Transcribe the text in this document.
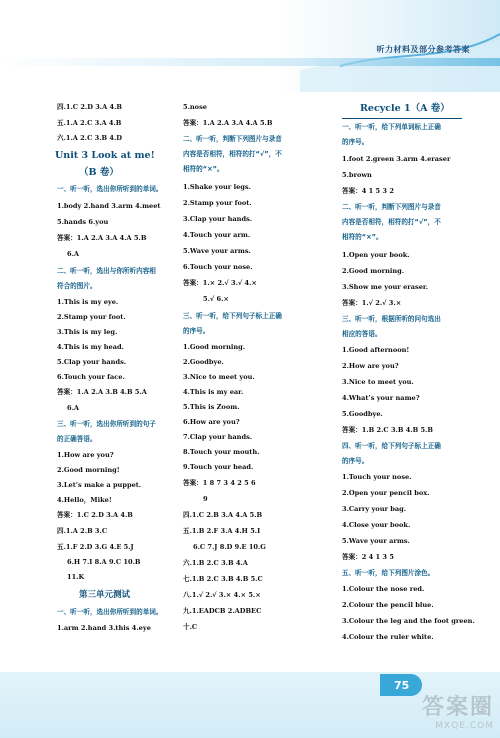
听力材料及部分参考答案
四.1.C 2.D 3.A 4.B
五.1.A 2.C 3.A 4.B
六.1.A 2.C 3.B 4.D
Unit 3 Look at me!
（B 卷）
一、听一听，选出你所听到的单词。
1.body 2.hand 3.arm 4.meet
5.hands 6.you
答案：1.A 2.A 3.A 4.A 5.B
6.A
二、听一听，选出与你所听内容相
符合的图片。
1.This is my eye.
2.Stamp your foot.
3.This is my leg.
4.This is my head.
5.Clap your hands.
6.Touch your face.
答案：1.A 2.A 3.B 4.B 5.A
6.A
三、听一听，选出你所听到的句子
的正确答语。
1.How are you?
2.Good morning!
3.Let’s make a puppet.
4.Hello，Mike!
答案：1.C 2.D 3.A 4.B
四.1.A 2.B 3.C
五.1.F 2.D 3.G 4.E 5.J
6.H 7.I 8.A 9.C 10.B
11.K
第三单元测试
一、听一听，选出你所听到的单词。
1.arm 2.hand 3.this 4.eye
5.nose
答案：1.A 2.A 3.A 4.A 5.B
二、听一听，判断下列图片与录音
内容是否相符，相符的打“√”，不
相符的“×”。
1.Shake your legs.
2.Stamp your foot.
3.Clap your hands.
4.Touch your arm.
5.Wave your arms.
6.Touch your nose.
答案：1.× 2.√ 3.√ 4.×
5.√ 6.×
三、听一听，给下列句子标上正确
的序号。
1.Good morning.
2.Goodbye.
3.Nice to meet you.
4.This is my ear.
5.This is Zoom.
6.How are you?
7.Clap your hands.
8.Touch your mouth.
9.Touch your head.
答案：1 8 7 3 4 2 5 6
9
四.1.C 2.B 3.A 4.A 5.B
五.1.B 2.F 3.A 4.H 5.I
6.C 7.J 8.D 9.E 10.G
六.1.B 2.C 3.B 4.A
七.1.B 2.C 3.B 4.B 5.C
八.1.√ 2.√ 3.× 4.× 5.×
九.1.EADCB 2.ADBEC
十.C
Recycle 1（A 卷）
一、听一听，给下列单词标上正确
的序号。
1.foot 2.green 3.arm 4.eraser
5.brown
答案：4 1 5 3 2
二、听一听，判断下列图片与录音
内容是否相符，相符的打“√”，不
相符的“×”。
1.Open your book.
2.Good morning.
3.Show me your eraser.
答案：1.√ 2.√ 3.×
三、听一听，根据所听的问句选出
相应的答语。
1.Good afternoon!
2.How are you?
3.Nice to meet you.
4.What’s your name?
5.Goodbye.
答案：1.B 2.C 3.B 4.B 5.B
四、听一听，给下列句子标上正确
的序号。
1.Touch your nose.
2.Open your pencil box.
3.Carry your bag.
4.Close your book.
5.Wave your arms.
答案：2 4 1 3 5
五、听一听，给下列图片涂色。
1.Colour the nose red.
2.Colour the pencil blue.
3.Colour the leg and the foot green.
4.Colour the ruler white.
75
答案圈
MXQE.COM
